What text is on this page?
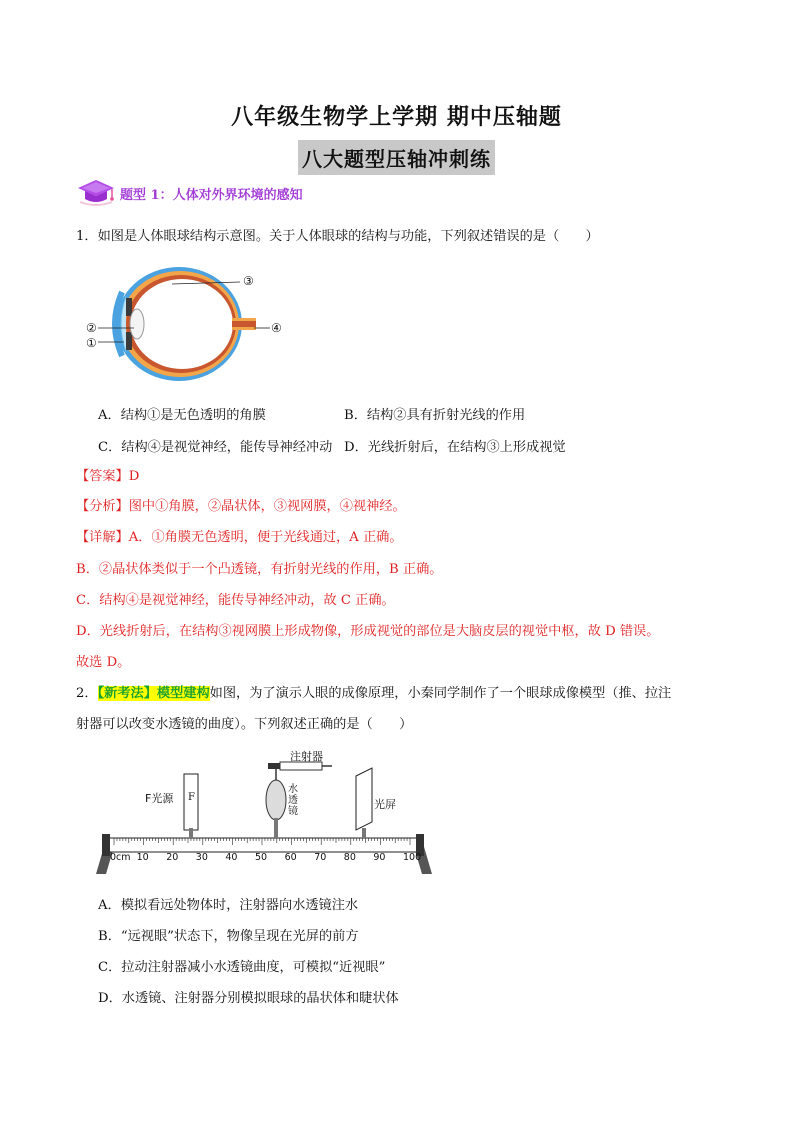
八年级生物学上学期 期中压轴题
八大题型压轴冲刺练
题型 1：人体对外界环境的感知
1．如图是人体眼球结构示意图。关于人体眼球的结构与功能，下列叙述错误的是（　　）
③
②
①
④
A．结构①是无色透明的角膜	B．结构②具有折射光线的作用
C．结构④是视觉神经，能传导神经冲动 D．光线折射后，在结构③上形成视觉
【答案】D
【分析】图中①角膜，②晶状体，③视网膜，④视神经。
【详解】A．①角膜无色透明，便于光线通过，A 正确。
B．②晶状体类似于一个凸透镜，有折射光线的作用，B 正确。
C．结构④是视觉神经，能传导神经冲动，故 C 正确。
D．光线折射后，在结构③视网膜上形成物像，形成视觉的部位是大脑皮层的视觉中枢，故 D 错误。
故选 D。
2．【新考法】模型建构如图，为了演示人眼的成像原理，小秦同学制作了一个眼球成像模型（推、拉注
射器可以改变水透镜的曲度）。下列叙述正确的是（　　）
注射器
F光源 F
水
透
镜
光屏
0cm 10 20 30 40 50 60 70 80 90 100
A．模拟看远处物体时，注射器向水透镜注水
B．“远视眼”状态下，物像呈现在光屏的前方
C．拉动注射器减小水透镜曲度，可模拟“近视眼”
D．水透镜、注射器分别模拟眼球的晶状体和睫状体
